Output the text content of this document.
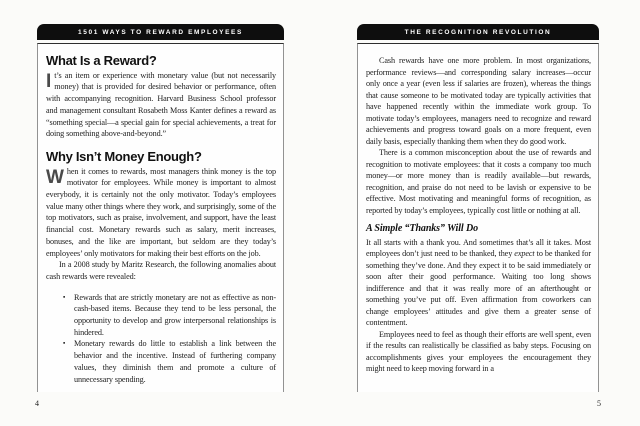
1501 WAYS TO REWARD EMPLOYEES
What Is a Reward?

It’s an item or experience with monetary value (but not necessarily money) that is provided for desired behavior or performance, often with accompanying recognition. Harvard Business School professor and management consultant Rosabeth Moss Kanter defines a reward as “something special—a special gain for special achievements, a treat for doing something above-and-beyond.”

Why Isn’t Money Enough?

When it comes to rewards, most managers think money is the top motivator for employees. While money is important to almost everybody, it is certainly not the only motivator. Today’s employees value many other things where they work, and surprisingly, some of the top motivators, such as praise, involvement, and support, have the least financial cost. Monetary rewards such as salary, merit increases, bonuses, and the like are important, but seldom are they today’s employees’ only motivators for making their best efforts on the job.

In a 2008 study by Maritz Research, the following anomalies about cash rewards were revealed:

▪ Rewards that are strictly monetary are not as effective as non-cash-based items. Because they tend to be less personal, the opportunity to develop and grow interpersonal relationships is hindered.
▪ Monetary rewards do little to establish a link between the behavior and the incentive. Instead of furthering company values, they diminish them and promote a culture of unnecessary spending.
4
THE RECOGNITION REVOLUTION

Cash rewards have one more problem. In most organizations, performance reviews—and corresponding salary increases—occur only once a year (even less if salaries are frozen), whereas the things that cause someone to be motivated today are typically activities that have happened recently within the immediate work group. To motivate today’s employees, managers need to recognize and reward achievements and progress toward goals on a more frequent, even daily basis, especially thanking them when they do good work.

There is a common misconception about the use of rewards and recognition to motivate employees: that it costs a company too much money—or more money than is readily available—but rewards, recognition, and praise do not need to be lavish or expensive to be effective. Most motivating and meaningful forms of recognition, as reported by today’s employees, typically cost little or nothing at all.

A Simple “Thanks” Will Do

It all starts with a thank you. And sometimes that’s all it takes. Most employees don’t just need to be thanked, they expect to be thanked for something they’ve done. And they expect it to be said immediately or soon after their good performance. Waiting too long shows indifference and that it was really more of an afterthought or something you’ve put off. Even affirmation from coworkers can change employees’ attitudes and give them a greater sense of contentment.

Employees need to feel as though their efforts are well spent, even if the results can realistically be classified as baby steps. Focusing on accomplishments gives your employees the encouragement they might need to keep moving forward in a

5
